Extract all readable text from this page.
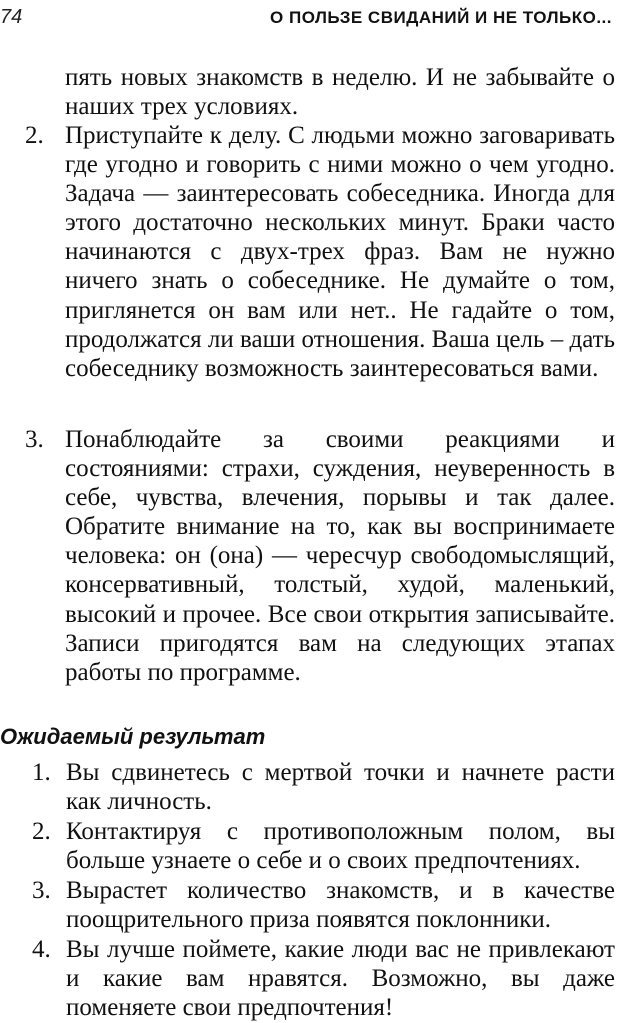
74	О ПОЛЬЗЕ СВИДАНИЙ И НЕ ТОЛЬКО...

пять новых знакомств в неделю. И не забывайте о наших трех условиях.

2. Приступайте к делу. С людьми можно заговаривать где угодно и говорить с ними можно о чем угодно. Задача — заинтересовать собеседника. Иногда для этого достаточно нескольких минут. Браки часто начинаются с двух-трех фраз. Вам не нужно ничего знать о собеседнике. Не думайте о том, приглянется он вам или нет.. Не гадайте о том, продолжатся ли ваши отношения. Ваша цель – дать собеседнику возможность заинтересоваться вами.

3. Понаблюдайте за своими реакциями и состояниями: страхи, суждения, неуверенность в себе, чувства, влечения, порывы и так далее. Обратите внимание на то, как вы воспринимаете человека: он (она) — чересчур свободомыслящий, консервативный, толстый, худой, маленький, высокий и прочее. Все свои открытия записывайте. Записи пригодятся вам на следующих этапах работы по программе.

Ожидаемый результат
1. Вы сдвинетесь с мертвой точки и начнете расти как личность.

2. Контактируя с противоположным полом, вы больше узнаете о себе и о своих предпочтениях.

3. Вырастет количество знакомств, и в качестве поощрительного приза появятся поклонники.

4. Вы лучше поймете, какие люди вас не привлекают и какие вам нравятся. Возможно, вы даже поменяете свои предпочтения!
